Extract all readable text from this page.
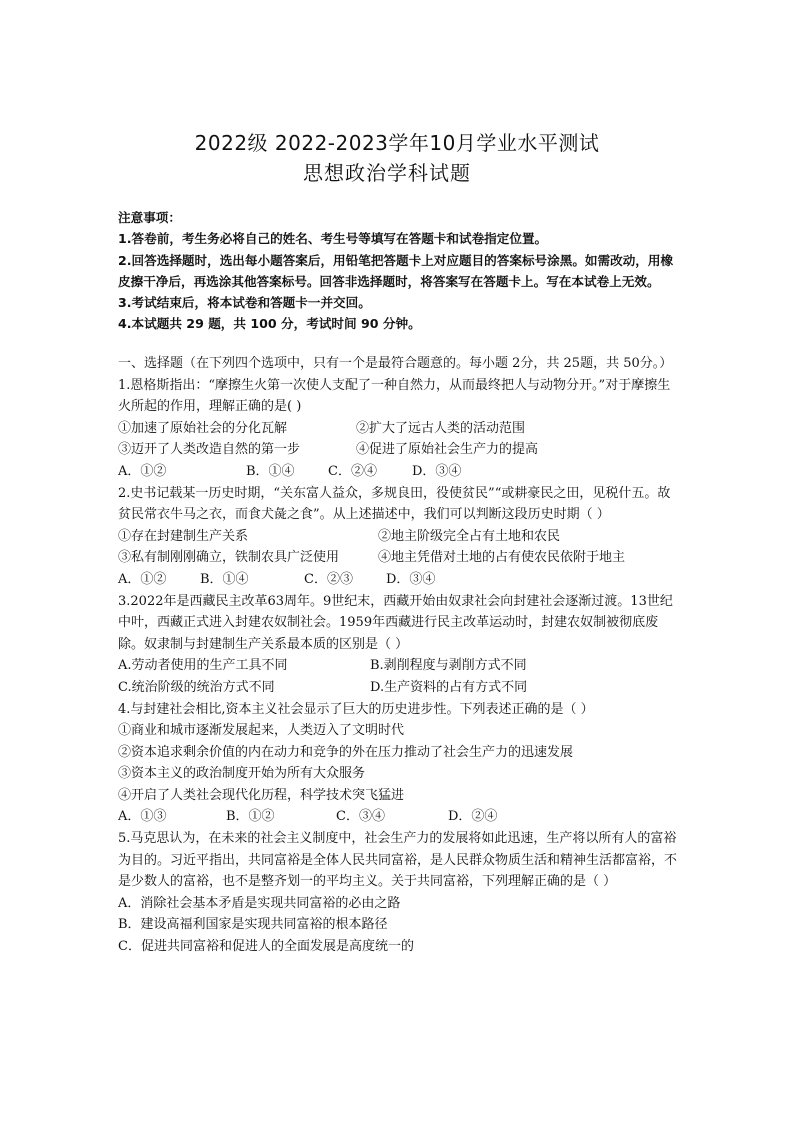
2022级 2022-2023学年10月学业水平测试
思想政治学科试题

注意事项：

1.答卷前，考生务必将自己的姓名、考生号等填写在答题卡和试卷指定位置。

2.回答选择题时，选出每小题答案后，用铅笔把答题卡上对应题目的答案标号涂黑。如需改动，用橡皮擦干净后，再选涂其他答案标号。回答非选择题时，将答案写在答题卡上。写在本试卷上无效。

3.考试结束后，将本试卷和答题卡一并交回。

4.本试题共 29 题，共 100 分，考试时间 90 分钟。

一、选择题（在下列四个选项中，只有一个是最符合题意的。每小题 2分，共 25题，共 50分。）

1.恩格斯指出：“摩擦生火第一次使人支配了一种自然力，从而最终把人与动物分开。”对于摩擦生火所起的作用，理解正确的是( )

①加速了原始社会的分化瓦解	②扩大了远古人类的活动范围
③迈开了人类改造自然的第一步	④促进了原始社会生产力的提高
A．①②	B．①④	C．②④	D．③④

2.史书记载某一历史时期，“关东富人益众，多规良田，役使贫民”“或耕豪民之田，见税什五。故贫民常衣牛马之衣，而食犬彘之食”。从上述描述中，我们可以判断这段历史时期（ ）

①存在封建制生产关系	②地主阶级完全占有土地和农民
③私有制刚刚确立，铁制农具广泛使用	④地主凭借对土地的占有使农民依附于地主
A．①②	B．①④	C．②③	D．③④

3.2022年是西藏民主改革63周年。9世纪末，西藏开始由奴隶社会向封建社会逐渐过渡。13世纪中叶，西藏正式进入封建农奴制社会。1959年西藏进行民主改革运动时，封建农奴制被彻底废除。奴隶制与封建制生产关系最本质的区别是（ ）

A.劳动者使用的生产工具不同	B.剥削程度与剥削方式不同
C.统治阶级的统治方式不同	D.生产资料的占有方式不同

4.与封建社会相比,资本主义社会显示了巨大的历史进步性。下列表述正确的是（ ）

①商业和城市逐渐发展起来，人类迈入了文明时代

②资本追求剩余价值的内在动力和竞争的外在压力推动了社会生产力的迅速发展

③资本主义的政治制度开始为所有大众服务

④开启了人类社会现代化历程，科学技术突飞猛进

A．①③	B．①②	C．③④	D．②④

5.马克思认为，在未来的社会主义制度中，社会生产力的发展将如此迅速，生产将以所有人的富裕为目的。习近平指出，共同富裕是全体人民共同富裕，是人民群众物质生活和精神生活都富裕，不是少数人的富裕，也不是整齐划一的平均主义。关于共同富裕，下列理解正确的是（ ）

A．消除社会基本矛盾是实现共同富裕的必由之路

B．建设高福利国家是实现共同富裕的根本路径

C．促进共同富裕和促进人的全面发展是高度统一的
